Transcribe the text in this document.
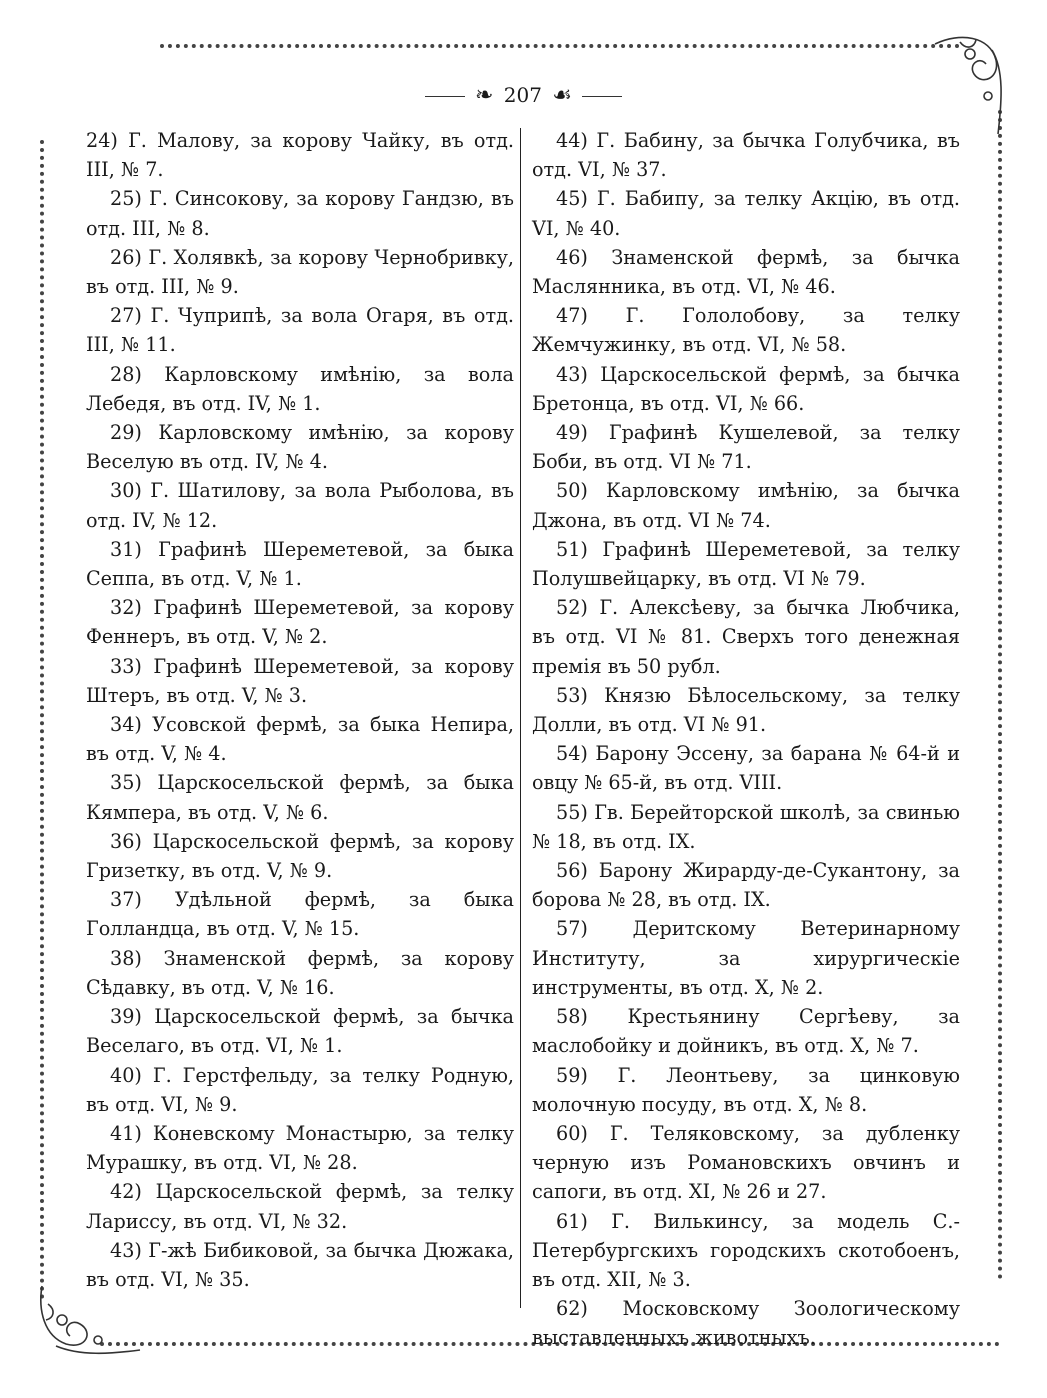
❧ 207 ☙

24) Г. Малову, за корову Чайку, въ отд. III, № 7.

25) Г. Синсокову, за корову Гандзю, въ отд. III, № 8.

26) Г. Холявкѣ, за корову Чернобривку, въ отд. III, № 9.

27) Г. Чуприпѣ, за вола Огаря, въ отд. III, № 11.

28) Карловскому имѣнію, за вола Лебедя, въ отд. IV, № 1.

29) Карловскому имѣнію, за корову Веселую въ отд. IV, № 4.

30) Г. Шатилову, за вола Рыболова, въ отд. IV, № 12.

31) Графинѣ Шереметевой, за быка Сеппа, въ отд. V, № 1.

32) Графинѣ Шереметевой, за корову Феннеръ, въ отд. V, № 2.

33) Графинѣ Шереметевой, за корову Штеръ, въ отд. V, № 3.

34) Усовской фермѣ, за быка Непира, въ отд. V, № 4.

35) Царскосельской фермѣ, за быка Кямпера, въ отд. V, № 6.

36) Царскосельской фермѣ, за корову Гризетку, въ отд. V, № 9.

37) Удѣльной фермѣ, за быка Голландца, въ отд. V, № 15.

38) Знаменской фермѣ, за корову Сѣдавку, въ отд. V, № 16.

39) Царскосельской фермѣ, за бычка Веселаго, въ отд. VI, № 1.

40) Г. Герстфельду, за телку Родную, въ отд. VI, № 9.

41) Коневскому Монастырю, за телку Мурашку, въ отд. VI, № 28.

42) Царскосельской фермѣ, за телку Лариссу, въ отд. VI, № 32.

43) Г-жѣ Бибиковой, за бычка Дюжака, въ отд. VI, № 35.

44) Г. Бабину, за бычка Голубчика, въ отд. VI, № 37.

45) Г. Бабипу, за телку Акцію, въ отд. VI, № 40.

46) Знаменской фермѣ, за бычка Маслянника, въ отд. VI, № 46.

47) Г. Гололобову, за телку Жемчужинку, въ отд. VI, № 58.

43) Царскосельской фермѣ, за бычка Бретонца, въ отд. VI, № 66.

49) Графинѣ Кушелевой, за телку Боби, въ отд. VI № 71.

50) Карловскому имѣнію, за бычка Джона, въ отд. VI № 74.

51) Графинѣ Шереметевой, за телку Полушвейцарку, въ отд. VI № 79.

52) Г. Алексѣеву, за бычка Любчика, въ отд. VI № 81. Сверхъ того денежная премія въ 50 рубл.

53) Князю Бѣлосельскому, за телку Долли, въ отд. VI № 91.

54) Барону Эссену, за барана № 64-й и овцу № 65-й, въ отд. VIII.

55) Гв. Берейторской школѣ, за свинью № 18, въ отд. IX.

56) Барону Жирарду-де-Сукантону, за борова № 28, въ отд. IX.

57) Деритскому Ветеринарному Институту, за хирургическіе инструменты, въ отд. X, № 2.

58) Крестьянину Сергѣеву, за маслобойку и дойникъ, въ отд. X, № 7.

59) Г. Леонтьеву, за цинковую молочную посуду, въ отд. X, № 8.

60) Г. Теляковскому, за дубленку черную изъ Романовскихъ овчинъ и сапоги, въ отд. XI, № 26 и 27.

61) Г. Вилькинсу, за модель С.-Петербургскихъ городскихъ скотобоенъ, въ отд. XII, № 3.

62) Московскому Зоологическому выставленныхъ животныхъ.
